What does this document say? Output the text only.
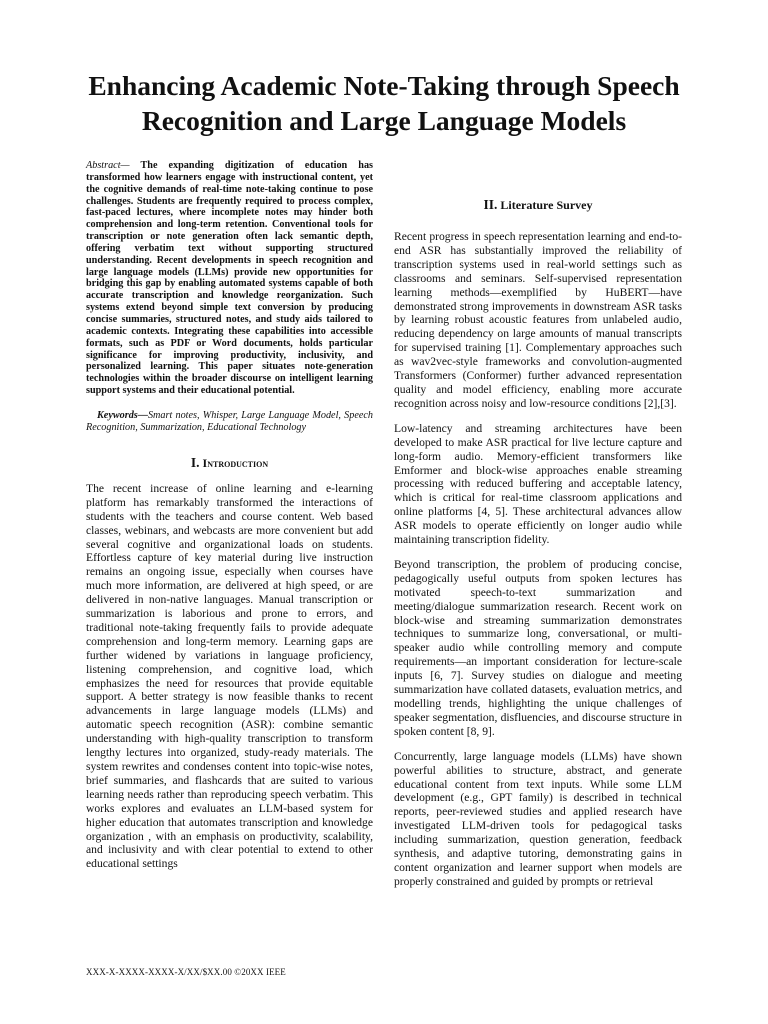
Enhancing Academic Note-Taking through Speech Recognition and Large Language Models

Abstract— The expanding digitization of education has transformed how learners engage with instructional content, yet the cognitive demands of real-time note-taking continue to pose challenges. Students are frequently required to process complex, fast-paced lectures, where incomplete notes may hinder both comprehension and long-term retention. Conventional tools for transcription or note generation often lack semantic depth, offering verbatim text without supporting structured understanding. Recent developments in speech recognition and large language models (LLMs) provide new opportunities for bridging this gap by enabling automated systems capable of both accurate transcription and knowledge reorganization. Such systems extend beyond simple text conversion by producing concise summaries, structured notes, and study aids tailored to academic contexts. Integrating these capabilities into accessible formats, such as PDF or Word documents, holds particular significance for improving productivity, inclusivity, and personalized learning. This paper situates note-generation technologies within the broader discourse on intelligent learning support systems and their educational potential.

Keywords—Smart notes, Whisper, Large Language Model, Speech Recognition, Summarization, Educational Technology

I. Introduction

The recent increase of online learning and e-learning platform has remarkably transformed the interactions of students with the teachers and course content. Web based classes, webinars, and webcasts are more convenient but add several cognitive and organizational loads on students. Effortless capture of key material during live instruction remains an ongoing issue, especially when courses have much more information, are delivered at high speed, or are delivered in non-native languages. Manual transcription or summarization is laborious and prone to errors, and traditional note-taking frequently fails to provide adequate comprehension and long-term memory. Learning gaps are further widened by variations in language proficiency, listening comprehension, and cognitive load, which emphasizes the need for resources that provide equitable support. A better strategy is now feasible thanks to recent advancements in large language models (LLMs) and automatic speech recognition (ASR): combine semantic understanding with high-quality transcription to transform lengthy lectures into organized, study-ready materials. The system rewrites and condenses content into topic-wise notes, brief summaries, and flashcards that are suited to various learning needs rather than reproducing speech verbatim. This works explores and evaluates an LLM-based system for higher education that automates transcription and knowledge organization , with an emphasis on productivity, scalability, and inclusivity and with clear potential to extend to other educational settings

II. Literature Survey

Recent progress in speech representation learning and end-to-end ASR has substantially improved the reliability of transcription systems used in real-world settings such as classrooms and seminars. Self-supervised representation learning methods—exemplified by HuBERT—have demonstrated strong improvements in downstream ASR tasks by learning robust acoustic features from unlabeled audio, reducing dependency on large amounts of manual transcripts for supervised training [1]. Complementary approaches such as wav2vec-style frameworks and convolution-augmented Transformers (Conformer) further advanced representation quality and model efficiency, enabling more accurate recognition across noisy and low-resource conditions [2],[3].

Low-latency and streaming architectures have been developed to make ASR practical for live lecture capture and long-form audio. Memory-efficient transformers like Emformer and block-wise approaches enable streaming processing with reduced buffering and acceptable latency, which is critical for real-time classroom applications and online platforms [4, 5]. These architectural advances allow ASR models to operate efficiently on longer audio while maintaining transcription fidelity.

Beyond transcription, the problem of producing concise, pedagogically useful outputs from spoken lectures has motivated speech-to-text summarization and meeting/dialogue summarization research. Recent work on block-wise and streaming summarization demonstrates techniques to summarize long, conversational, or multi-speaker audio while controlling memory and compute requirements—an important consideration for lecture-scale inputs [6, 7]. Survey studies on dialogue and meeting summarization have collated datasets, evaluation metrics, and modelling trends, highlighting the unique challenges of speaker segmentation, disfluencies, and discourse structure in spoken content [8, 9].

Concurrently, large language models (LLMs) have shown powerful abilities to structure, abstract, and generate educational content from text inputs. While some LLM development (e.g., GPT family) is described in technical reports, peer-reviewed studies and applied research have investigated LLM-driven tools for pedagogical tasks including summarization, question generation, feedback synthesis, and adaptive tutoring, demonstrating gains in content organization and learner support when models are properly constrained and guided by prompts or retrieval

XXX-X-XXXX-XXXX-X/XX/$XX.00 ©20XX IEEE
